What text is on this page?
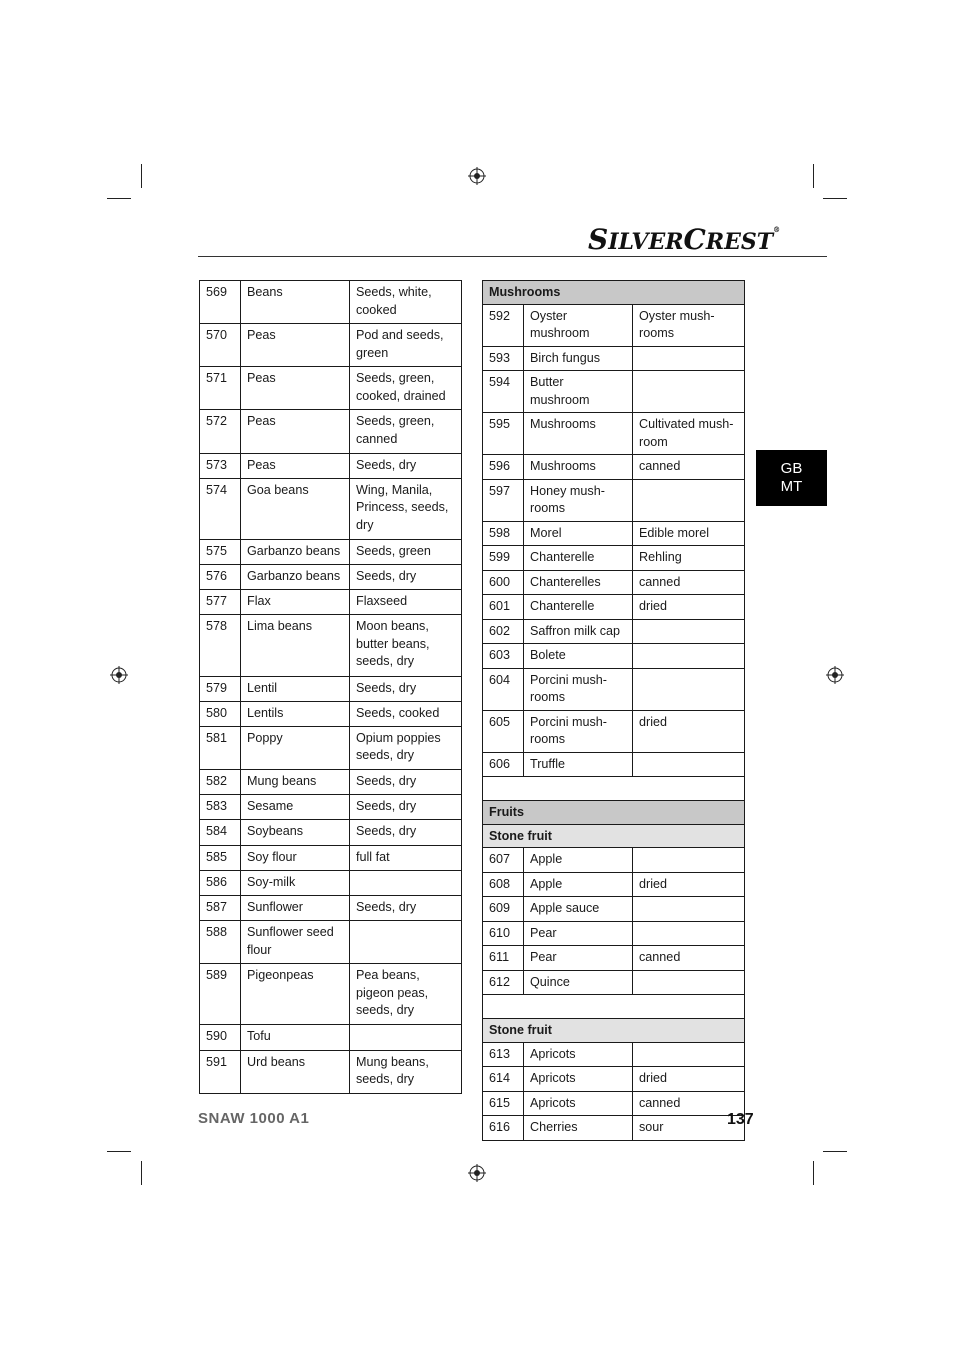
SILVERCREST®
GB
MT
569	Beans	Seeds, white, cooked
570	Peas	Pod and seeds, green
571	Peas	Seeds, green, cooked, drained
572	Peas	Seeds, green, canned
573	Peas	Seeds, dry
574	Goa beans	Wing, Manila, Princess, seeds, dry
575	Garbanzo beans	Seeds, green
576	Garbanzo beans	Seeds, dry
577	Flax	Flaxseed
578	Lima beans	Moon beans, butter beans, seeds, dry
579	Lentil	Seeds, dry
580	Lentils	Seeds, cooked
581	Poppy	Opium poppies seeds, dry
582	Mung beans	Seeds, dry
583	Sesame	Seeds, dry
584	Soybeans	Seeds, dry
585	Soy flour	full fat
586	Soy-milk	
587	Sunflower	Seeds, dry
588	Sunflower seed flour	
589	Pigeonpeas	Pea beans, pigeon peas, seeds, dry
590	Tofu	
591	Urd beans	Mung beans, seeds, dry
Mushrooms		
592	Oyster mushroom	Oyster mush-rooms
593	Birch fungus	
594	Butter mushroom	
595	Mushrooms	Cultivated mush-room
596	Mushrooms	canned
597	Honey mush-rooms	
598	Morel	Edible morel
599	Chanterelle	Rehling
600	Chanterelles	canned
601	Chanterelle	dried
602	Saffron milk cap	
603	Bolete	
604	Porcini mush-rooms	
605	Porcini mush-rooms	dried
606	Truffle	

Fruits		
Stone fruit		
607	Apple	
608	Apple	dried
609	Apple sauce	
610	Pear	
611	Pear	canned
612	Quince	

Stone fruit		
613	Apricots	
614	Apricots	dried
615	Apricots	canned
616	Cherries	sour
SNAW 1000 A1	137
